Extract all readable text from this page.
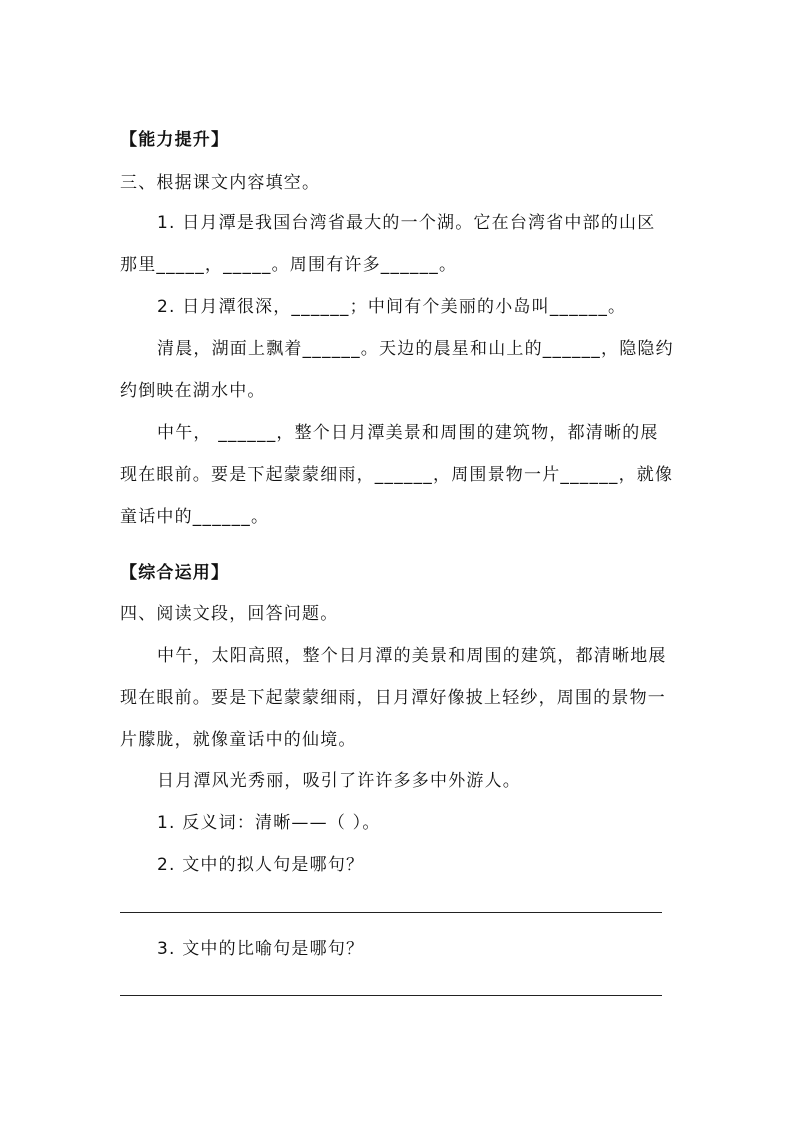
【能力提升】
三、根据课文内容填空。
1. 日月潭是我国台湾省最大的一个湖。它在台湾省中部的山区
那里_____，_____。周围有许多______。
2. 日月潭很深，______；中间有个美丽的小岛叫______。
清晨，湖面上飘着______。天边的晨星和山上的______，隐隐约
约倒映在湖水中。
中午， ______，整个日月潭美景和周围的建筑物，都清晰的展
现在眼前。要是下起蒙蒙细雨，______，周围景物一片______，就像
童话中的______。
【综合运用】
四、阅读文段，回答问题。
中午，太阳高照，整个日月潭的美景和周围的建筑，都清晰地展
现在眼前。要是下起蒙蒙细雨，日月潭好像披上轻纱，周围的景物一
片朦胧，就像童话中的仙境。
日月潭风光秀丽，吸引了许许多多中外游人。
1. 反义词：清晰——（ ）。
2. 文中的拟人句是哪句？
3. 文中的比喻句是哪句？
